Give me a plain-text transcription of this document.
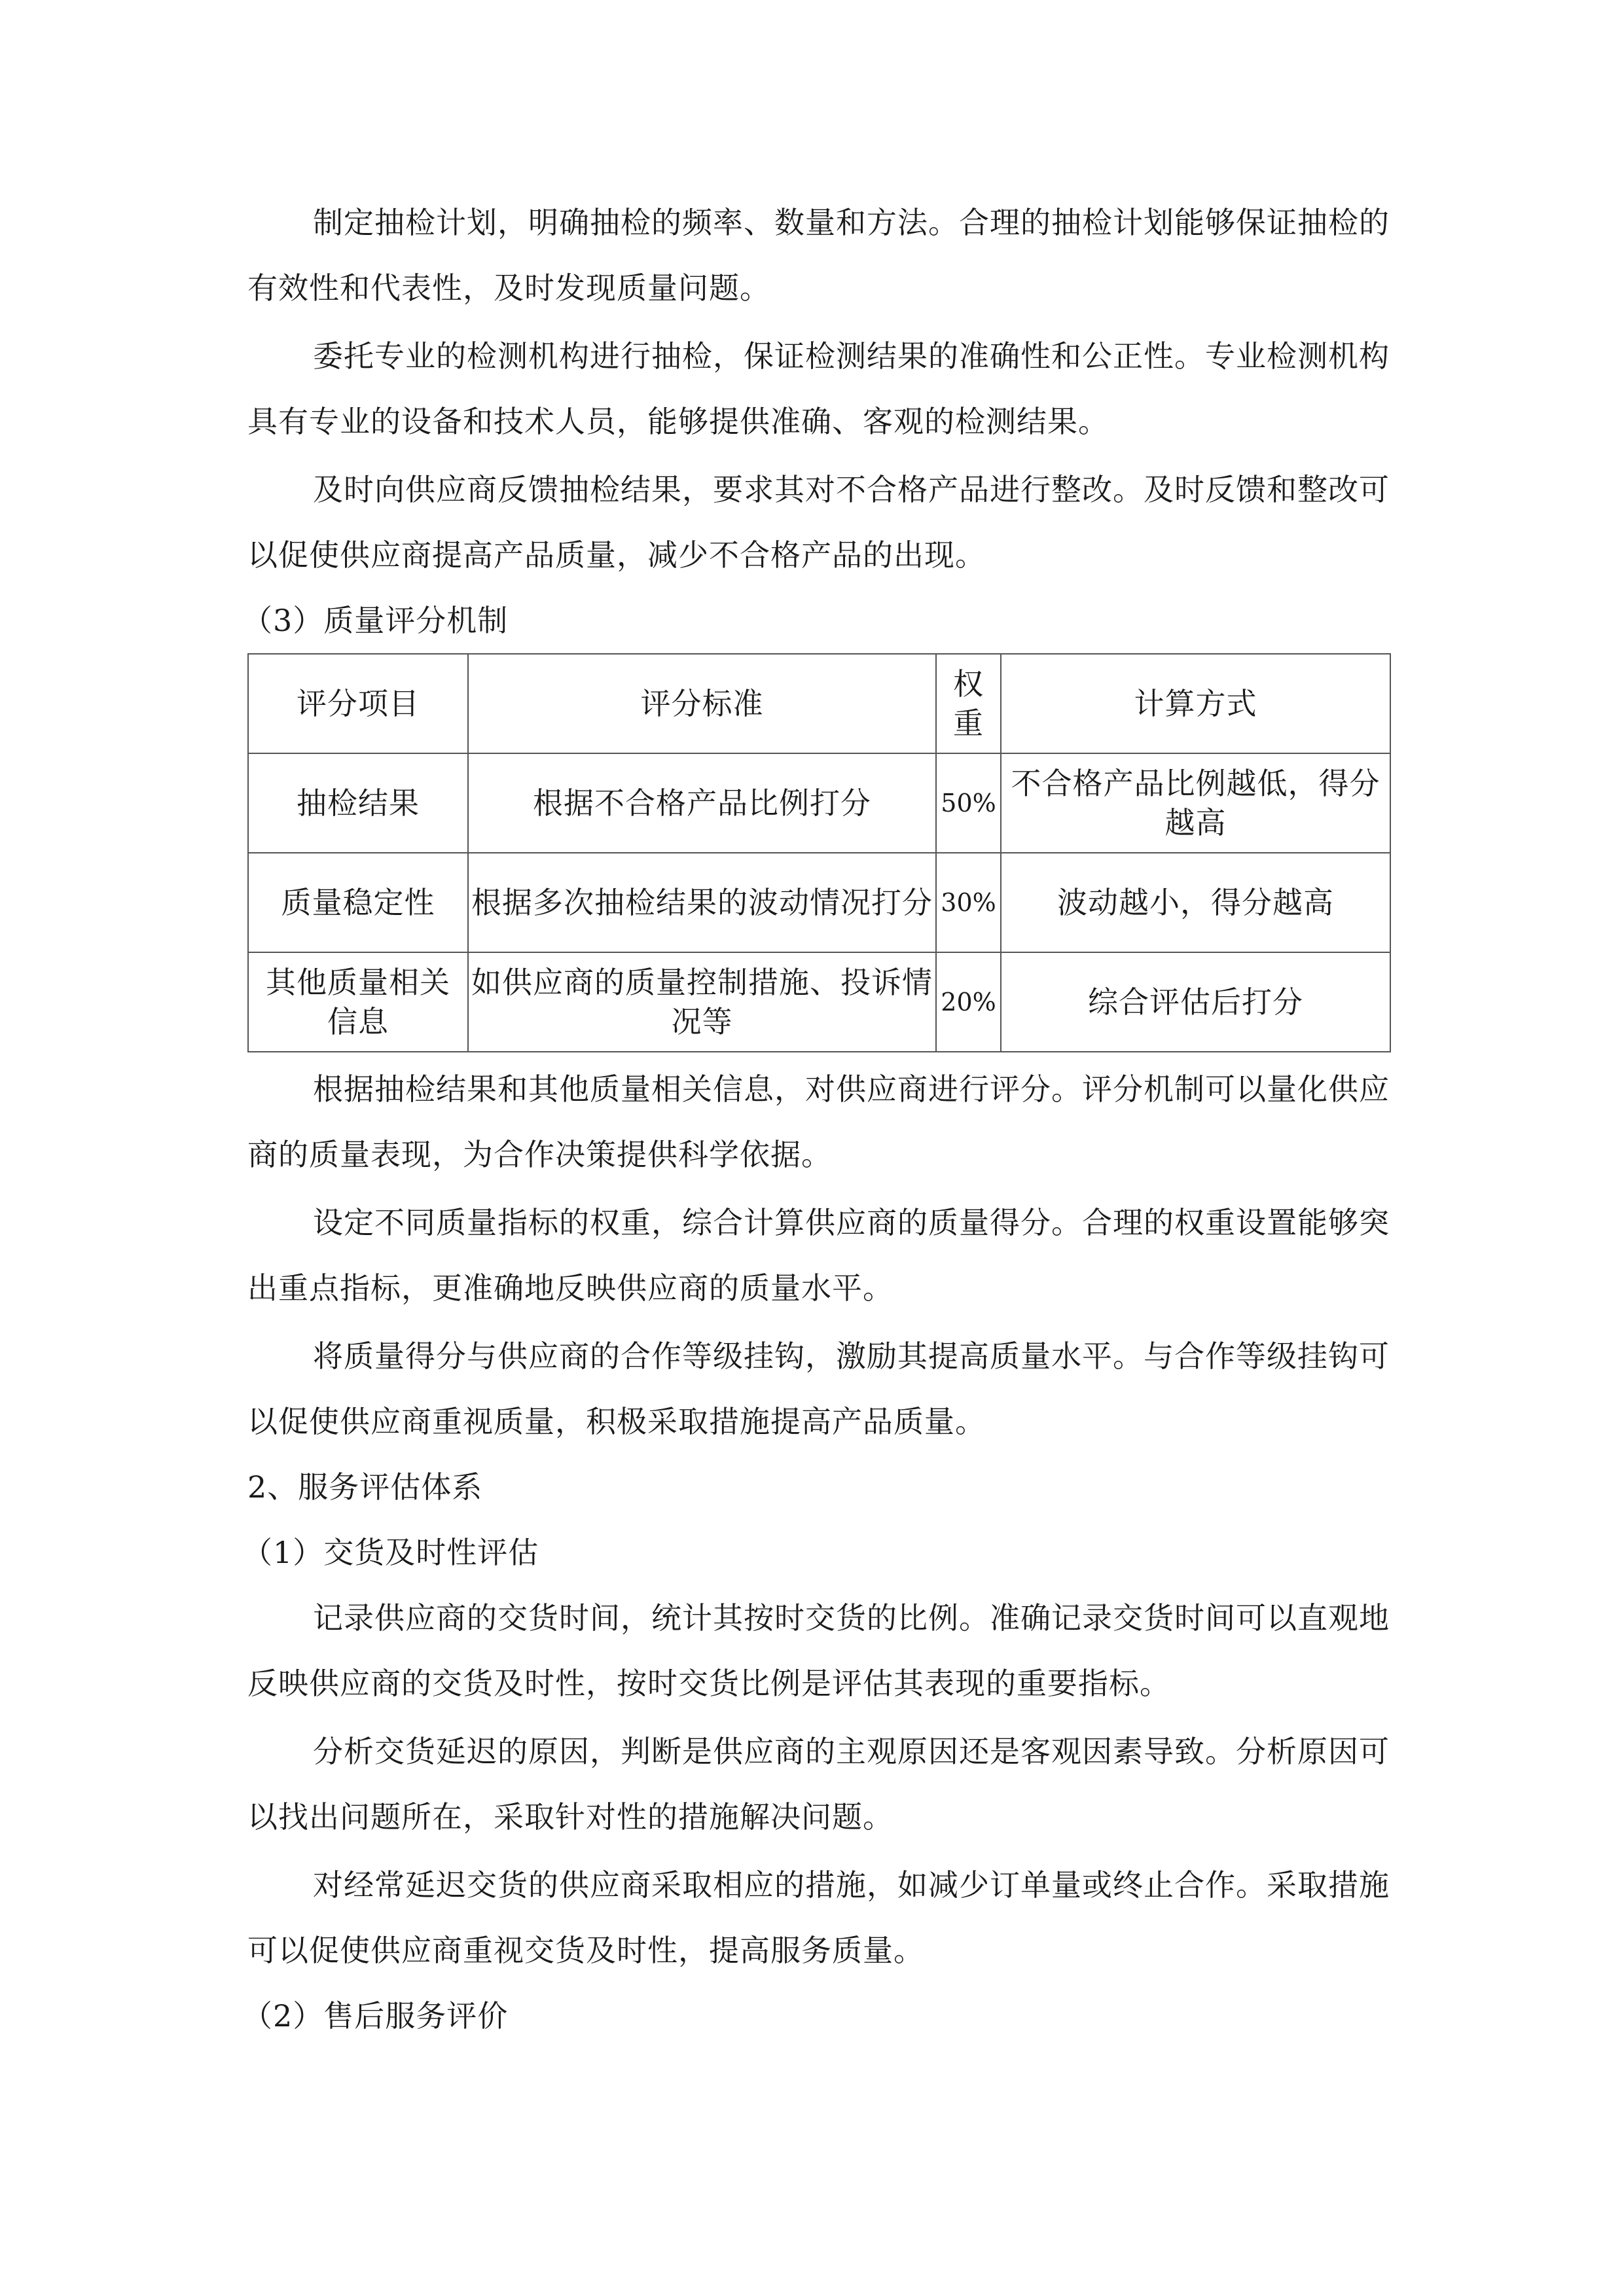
制定抽检计划，明确抽检的频率、数量和方法。合理的抽检计划能够保证抽检的有效性和代表性，及时发现质量问题。

委托专业的检测机构进行抽检，保证检测结果的准确性和公正性。专业检测机构具有专业的设备和技术人员，能够提供准确、客观的检测结果。

及时向供应商反馈抽检结果，要求其对不合格产品进行整改。及时反馈和整改可以促使供应商提高产品质量，减少不合格产品的出现。

（3）质量评分机制

评分项目	评分标准	权重	计算方式
抽检结果	根据不合格产品比例打分	50%	不合格产品比例越低，得分越高
质量稳定性	根据多次抽检结果的波动情况打分	30%	波动越小，得分越高
其他质量相关信息	如供应商的质量控制措施、投诉情况等	20%	综合评估后打分

根据抽检结果和其他质量相关信息，对供应商进行评分。评分机制可以量化供应商的质量表现，为合作决策提供科学依据。

设定不同质量指标的权重，综合计算供应商的质量得分。合理的权重设置能够突出重点指标，更准确地反映供应商的质量水平。

将质量得分与供应商的合作等级挂钩，激励其提高质量水平。与合作等级挂钩可以促使供应商重视质量，积极采取措施提高产品质量。

2、服务评估体系

（1）交货及时性评估

记录供应商的交货时间，统计其按时交货的比例。准确记录交货时间可以直观地反映供应商的交货及时性，按时交货比例是评估其表现的重要指标。

分析交货延迟的原因，判断是供应商的主观原因还是客观因素导致。分析原因可以找出问题所在，采取针对性的措施解决问题。

对经常延迟交货的供应商采取相应的措施，如减少订单量或终止合作。采取措施可以促使供应商重视交货及时性，提高服务质量。

（2）售后服务评价
